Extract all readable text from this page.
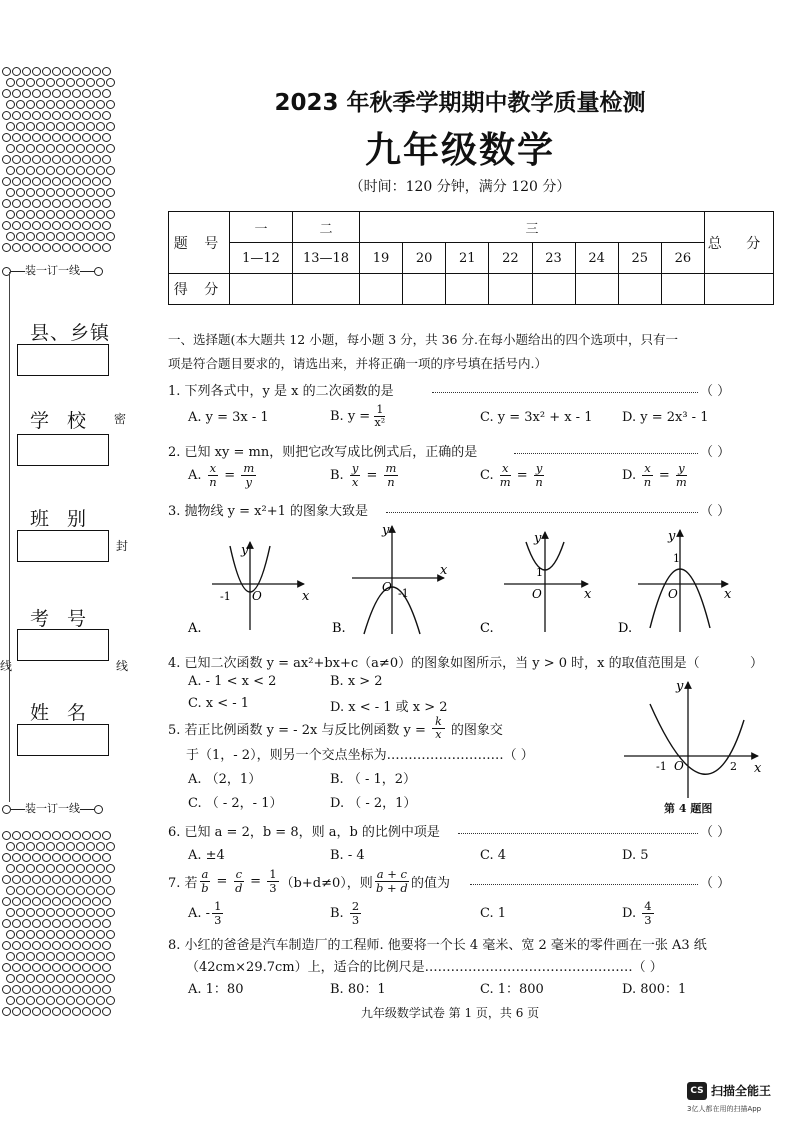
装一订一线
县、乡镇
学 校
班 别
考 号
姓 名
密
封
线	线
装一订一线
2023 年秋季学期期中教学质量检测
九年级数学
（时间：120 分钟，满分 120 分）
题 号	一	二	三								总 分
	1—12	13—18	19	20	21	22	23	24	25	26	
得 分											
一、选择题(本大题共 12 小题，每小题 3 分，共 36 分.在每小题给出的四个选项中，只有一
项是符合题目要求的，请选出来，并将正确一项的序号填在括号内.）
1. 下列各式中，y 是 x 的二次函数的是	（ ）
A. y = 3x - 1	B. $y = \frac{1}{\text{x²}}$	C. y = 3x² + x - 1 D. y = 2x³ - 1
2. 已知 xy = mn，则把它改写成比例式后，正确的是	（ ）
A. $\frac{x}{n} = \frac{m}{y}$	B. $\frac{y}{x} = \frac{m}{n}$	C. $\frac{x}{m} = \frac{y}{n}$	D. $\frac{x}{n} = \frac{y}{m}$
3. 抛物线 y = x²+1 的图象大致是	（ ）
x
y
O
-1
A.
x
y
O -1
B.
x
y
O
1
C.
x
y
O
1
D.
4. 已知二次函数 y = ax²+bx+c（a≠0）的图象如图所示，当 y > 0 时，x 的取值范围是（	）
A. - 1 < x < 2	B. x > 2
C. x < - 1	D. x < - 1 或 x > 2
y
x
O
-1	2
第 4 题图
5. 若正比例函数 y = - 2x 与反比例函数 $y = \frac{k}{x}$ 的图象交
于（1，- 2），则另一个交点坐标为………………………（ ）
A. （2，1）	B. （ - 1，2）
C. （ - 2，- 1）	D. （ - 2，1）
6. 已知 a = 2，b = 8，则 a，b 的比例中项是	（ ）
A. ±4	B. - 4	C. 4	D. 5
7. 若 $\frac{a}{b} = \frac{c}{d} = \frac{1}{3} (b+d\ne 0)$，则 $\frac{a + c}{b + d}$ 的值为	（ ）
A. - $\frac{1}{3}$	B. $\frac{2}{3}$	C. 1	D. $\frac{4}{3}$
8. 小红的爸爸是汽车制造厂的工程师. 他要将一个长 4 毫米、宽 2 毫米的零件画在一张 A3 纸
（42cm×29.7cm）上，适合的比例尺是…………………………………………（ ）
A. 1：80	B. 80：1	C. 1：800	D. 800：1
九年级数学试卷 第 1 页，共 6 页
CS 扫描全能王
3亿人都在用的扫描App
